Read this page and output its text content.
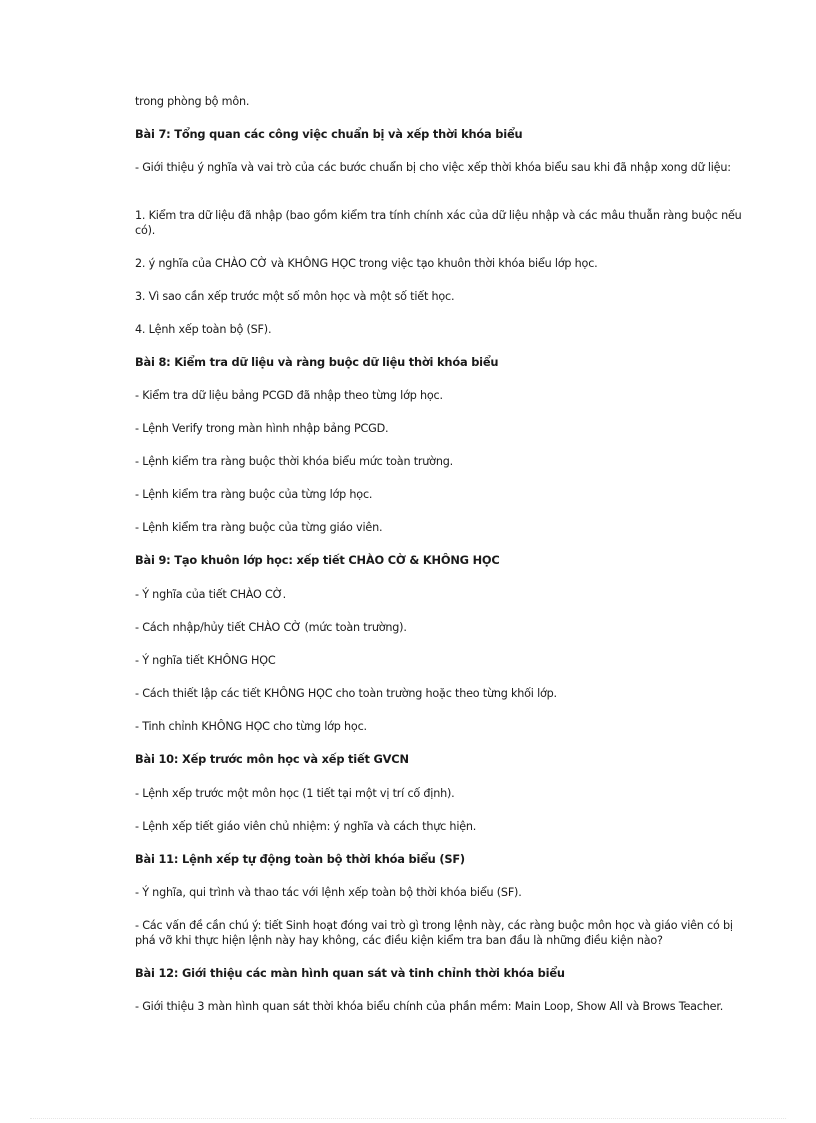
trong phòng bộ môn.
Bài 7: Tổng quan các công việc chuẩn bị và xếp thời khóa biểu
- Giới thiệu ý nghĩa và vai trò của các bước chuẩn bị cho việc xếp thời khóa biểu sau khi đã nhập xong dữ liệu:
1. Kiểm tra dữ liệu đã nhập (bao gồm kiểm tra tính chính xác của dữ liệu nhập và các mâu thuẫn ràng buộc nếu có).
2. ý nghĩa của CHÀO CỜ và KHÔNG HỌC trong việc tạo khuôn thời khóa biểu lớp học.
3. Vì sao cần xếp trước một số môn học và một số tiết học.
4. Lệnh xếp toàn bộ (SF).
Bài 8: Kiểm tra dữ liệu và ràng buộc dữ liệu thời khóa biểu
- Kiểm tra dữ liệu bảng PCGD đã nhập theo từng lớp học.
- Lệnh Verify trong màn hình nhập bảng PCGD.
- Lệnh kiểm tra ràng buộc thời khóa biểu mức toàn trường.
- Lệnh kiểm tra ràng buộc của từng lớp học.
- Lệnh kiểm tra ràng buộc của từng giáo viên.
Bài 9: Tạo khuôn lớp học: xếp tiết CHÀO CỜ & KHÔNG HỌC
- Ý nghĩa của tiết CHÀO CỜ.
- Cách nhập/hủy tiết CHÀO CỜ (mức toàn trường).
- Ý nghĩa tiết KHÔNG HỌC
- Cách thiết lập các tiết KHÔNG HỌC cho toàn trường hoặc theo từng khối lớp.
- Tinh chỉnh KHÔNG HỌC cho từng lớp học.
Bài 10: Xếp trước môn học và xếp tiết GVCN
- Lệnh xếp trước một môn học (1 tiết tại một vị trí cố định).
- Lệnh xếp tiết giáo viên chủ nhiệm: ý nghĩa và cách thực hiện.
Bài 11: Lệnh xếp tự động toàn bộ thời khóa biểu (SF)
- Ý nghĩa, qui trình và thao tác với lệnh xếp toàn bộ thời khóa biểu (SF).
- Các vấn đề cần chú ý: tiết Sinh hoạt đóng vai trò gì trong lệnh này, các ràng buộc môn học và giáo viên có bị phá vỡ khi thực hiện lệnh này hay không, các điều kiện kiểm tra ban đầu là những điều kiện nào?
Bài 12: Giới thiệu các màn hình quan sát và tinh chỉnh thời khóa biểu
- Giới thiệu 3 màn hình quan sát thời khóa biểu chính của phần mềm: Main Loop, Show All và Brows Teacher.
